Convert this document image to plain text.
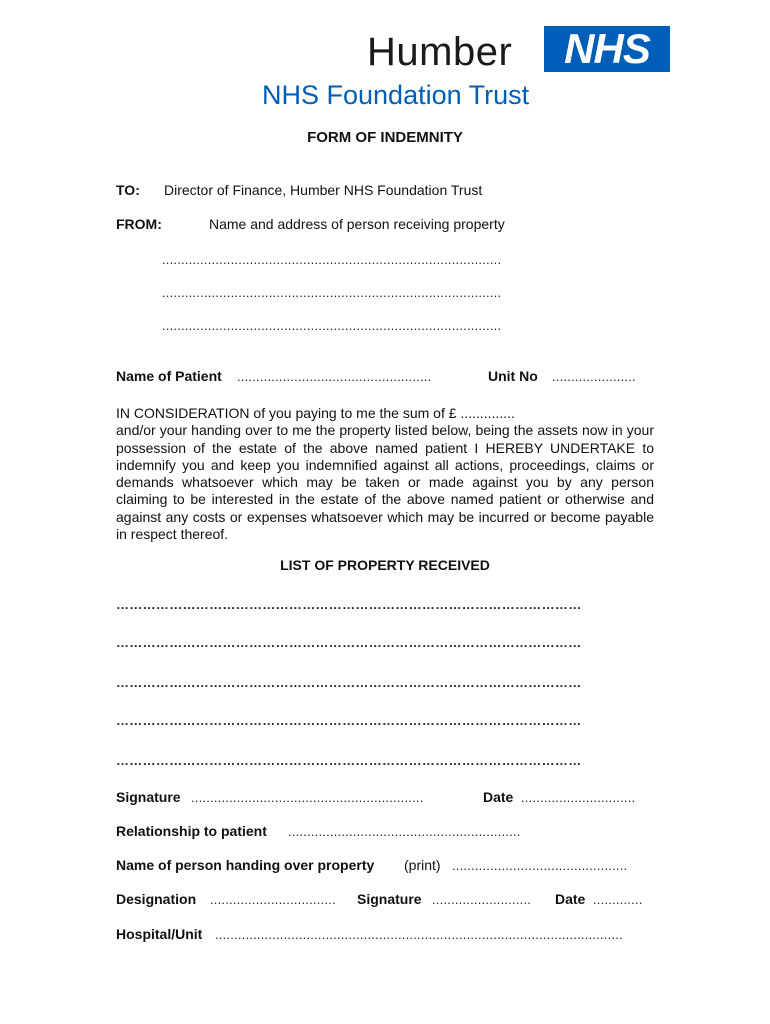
Humber	NHS
NHS Foundation Trust
FORM OF INDEMNITY
TO: Director of Finance, Humber NHS Foundation Trust
FROM:	Name and address of person receiving property
.........................................................................................
.........................................................................................
.........................................................................................
Name of Patient ...................................................	Unit No ......................

IN CONSIDERATION of you paying to me the sum of £ ..............

and/or your handing over to me the property listed below, being the assets now in your possession of the estate of the above named patient I HEREBY UNDERTAKE to indemnify you and keep you indemnified against all actions, proceedings, claims or demands whatsoever which may be taken or made against you by any person claiming to be interested in the estate of the above named patient or otherwise and against any costs or expenses whatsoever which may be incurred or become payable in respect thereof.

LIST OF PROPERTY RECEIVED
……………………………………………………………………………………………
……………………………………………………………………………………………
……………………………………………………………………………………………
……………………………………………………………………………………………
……………………………………………………………………………………………
Signature .............................................................	Date ..............................
Relationship to patient .............................................................
Name of person handing over property (print) ..............................................
Designation ................................. Signature .......................... Date .............
Hospital/Unit ...........................................................................................................
